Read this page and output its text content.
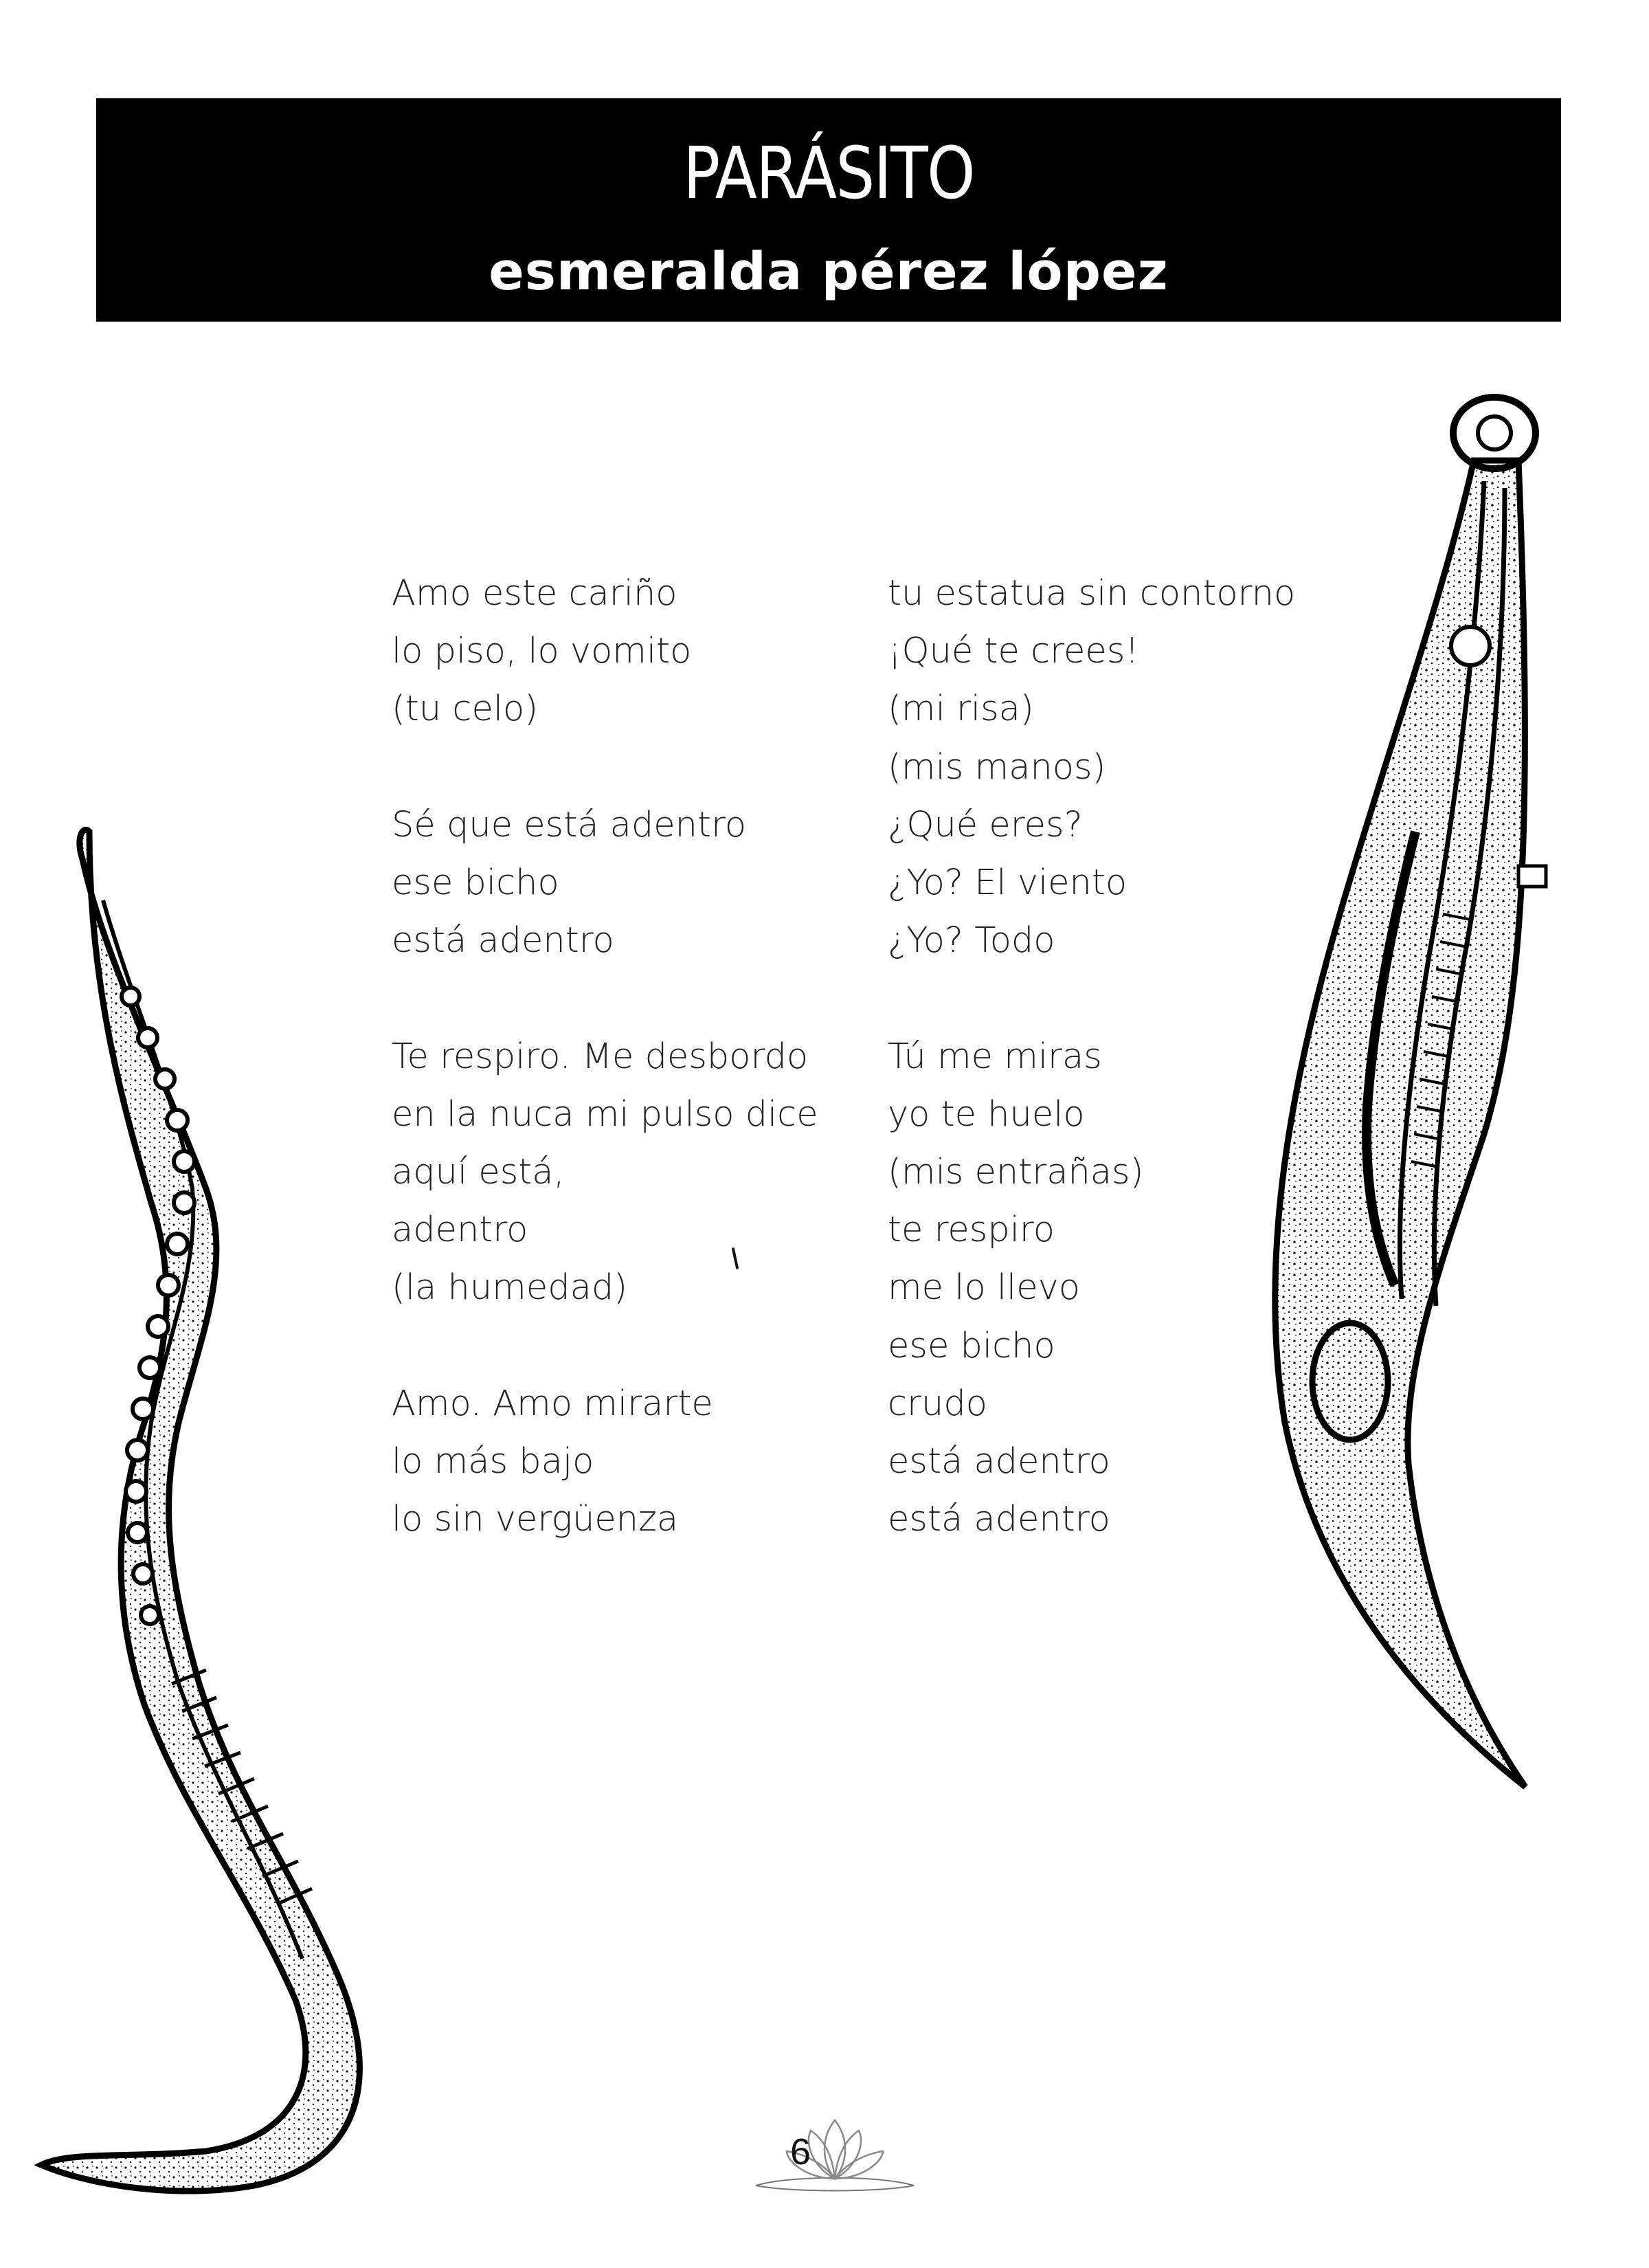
PARÁSITO
esmeralda pérez lópez
Amo este cariño
lo piso, lo vomito
(tu celo)
Sé que está adentro
ese bicho
está adentro
Te respiro. Me desbordo
en la nuca mi pulso dice
aquí está,
adentro
(la humedad)
Amo. Amo mirarte
lo más bajo
lo sin vergüenza
tu estatua sin contorno
¡Qué te crees!
(mi risa)
(mis manos)
¿Qué eres?
¿Yo? El viento
¿Yo? Todo
Tú me miras
yo te huelo
(mis entrañas)
te respiro
me lo llevo
ese bicho
crudo
está adentro
está adentro
6
